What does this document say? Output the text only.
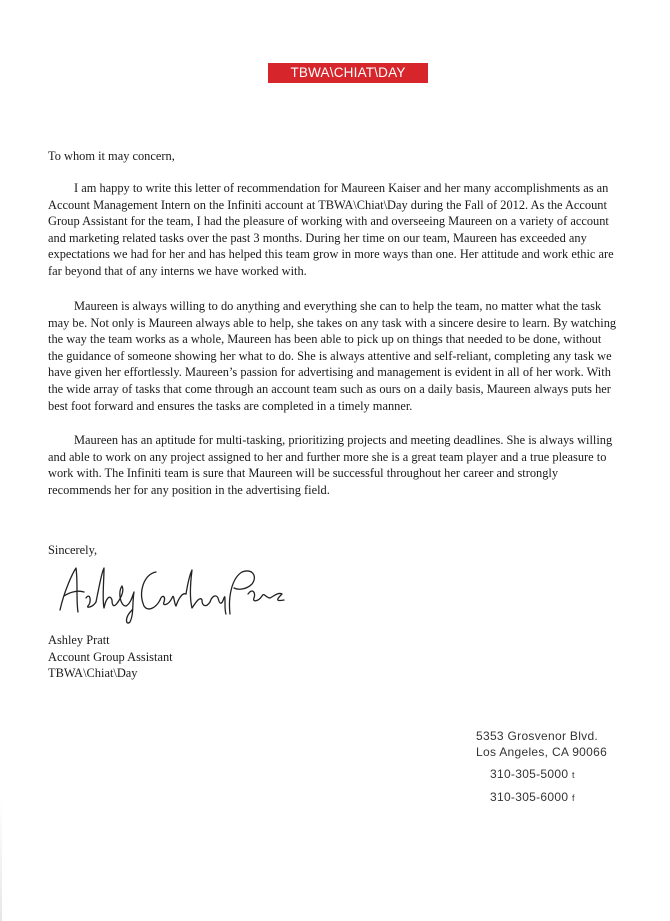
TBWA\CHIAT\DAY

To whom it may concern,

I am happy to write this letter of recommendation for Maureen Kaiser and her many accomplishments as an Account Management Intern on the Infiniti account at TBWA\Chiat\Day during the Fall of 2012. As the Account Group Assistant for the team, I had the pleasure of working with and overseeing Maureen on a variety of account and marketing related tasks over the past 3 months. During her time on our team, Maureen has exceeded any expectations we had for her and has helped this team grow in more ways than one. Her attitude and work ethic are far beyond that of any interns we have worked with.

Maureen is always willing to do anything and everything she can to help the team, no matter what the task may be. Not only is Maureen always able to help, she takes on any task with a sincere desire to learn. By watching the way the team works as a whole, Maureen has been able to pick up on things that needed to be done, without the guidance of someone showing her what to do. She is always attentive and self-reliant, completing any task we have given her effortlessly. Maureen’s passion for advertising and management is evident in all of her work. With the wide array of tasks that come through an account team such as ours on a daily basis, Maureen always puts her best foot forward and ensures the tasks are completed in a timely manner.

Maureen has an aptitude for multi-tasking, prioritizing projects and meeting deadlines. She is always willing and able to work on any project assigned to her and further more she is a great team player and a true pleasure to work with. The Infiniti team is sure that Maureen will be successful throughout her career and strongly recommends her for any position in the advertising field.

Sincerely,

Ashley Pratt
Account Group Assistant
TBWA\Chiat\Day
5353 Grosvenor Blvd.
Los Angeles, CA 90066
310-305-5000 t
310-305-6000 f
